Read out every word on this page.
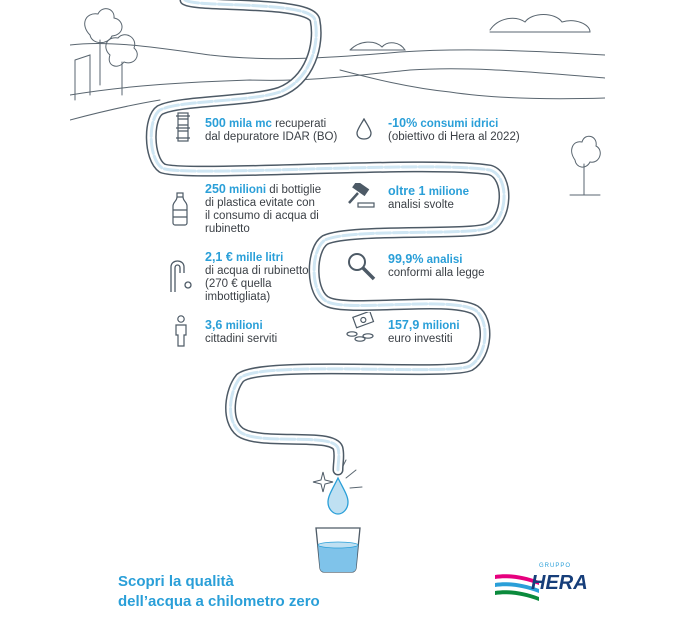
500 mila mc recuperati
dal depuratore IDAR (BO)
-10% consumi idrici
(obiettivo di Hera al 2022)
250 milioni di bottiglie
di plastica evitate con
il consumo di acqua di
rubinetto
oltre 1 milione
analisi svolte
2,1 € mille litri
di acqua di rubinetto
(270 € quella
imbottigliata)
99,9% analisi
conformi alla legge
3,6 milioni
cittadini serviti
157,9 milioni
euro investiti
Scopri la qualità
dell’acqua a chilometro zero
GRUPPO
HERA
